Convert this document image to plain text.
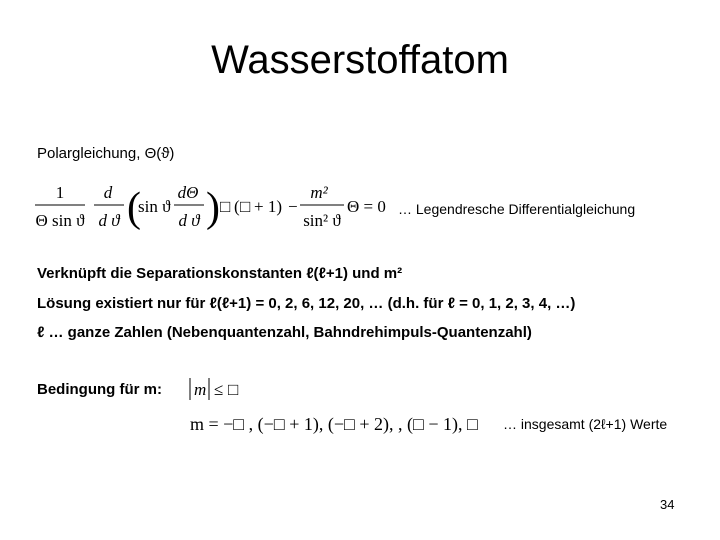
Wasserstoffatom
Polargleichung, Θ(ϑ)
1
Θ sin ϑ
d
d ϑ (
sin ϑ
dΘ
d ϑ ) □ ( □ + 1) −
m²
sin² ϑ
Θ = 0 … Legendresche Differentialgleichung
Verknüpft die Separationskonstanten ℓ(ℓ+1) und m²
Lösung existiert nur für ℓ(ℓ+1) = 0, 2, 6, 12, 20, … (d.h. für ℓ = 0, 1, 2, 3, 4, …)
ℓ … ganze Zahlen (Nebenquantenzahl, Bahndrehimpuls-Quantenzahl)
Bedingung für m: m ≤ □
m = −□ , (−□ + 1), (−□ + 2), , (□ − 1), □ … insgesamt (2ℓ+1) Werte
34
